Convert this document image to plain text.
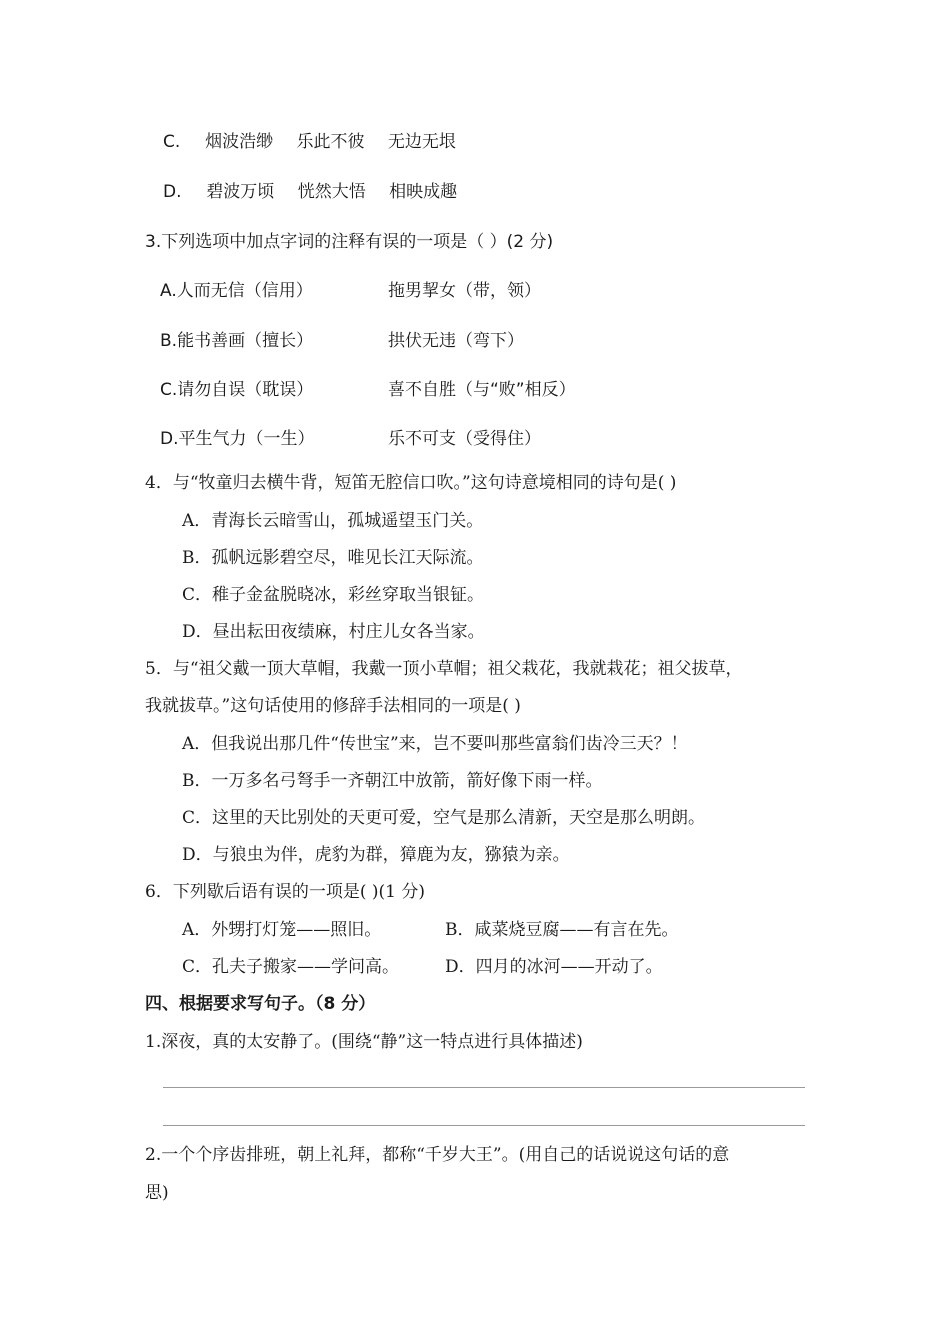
C. 烟波浩缈 乐此不彼 无边无垠
D. 碧波万顷 恍然大悟 相映成趣
3.下列选项中加点字词的注释有误的一项是（ ）(2 分)
A.人而无信（信用）	拖男挈女（带，领）
B.能书善画（擅长）	拱伏无违（弯下）
C.请勿自误（耽误）	喜不自胜（与“败”相反）
D.平生气力（一生）	乐不可支（受得住）
4．与“牧童归去横牛背，短笛无腔信口吹。”这句诗意境相同的诗句是( )
A．青海长云暗雪山，孤城遥望玉门关。
B．孤帆远影碧空尽，唯见长江天际流。
C．稚子金盆脱晓冰，彩丝穿取当银钲。
D．昼出耘田夜绩麻，村庄儿女各当家。
5．与“祖父戴一顶大草帽，我戴一顶小草帽；祖父栽花，我就栽花；祖父拔草，
我就拔草。”这句话使用的修辞手法相同的一项是( )
A．但我说出那几件“传世宝”来，岂不要叫那些富翁们齿冷三天？！
B．一万多名弓弩手一齐朝江中放箭，箭好像下雨一样。
C．这里的天比别处的天更可爱，空气是那么清新，天空是那么明朗。
D．与狼虫为伴，虎豹为群，獐鹿为友，猕猿为亲。
6．下列歇后语有误的一项是( )(1 分)
A．外甥打灯笼——照旧。	B．咸菜烧豆腐——有言在先。
C．孔夫子搬家——学问高。	D．四月的冰河——开动了。
四、根据要求写句子。（8 分）
1.深夜，真的太安静了。(围绕“静”这一特点进行具体描述)
2.一个个序齿排班，朝上礼拜，都称“千岁大王”。(用自己的话说说这句话的意
思)
